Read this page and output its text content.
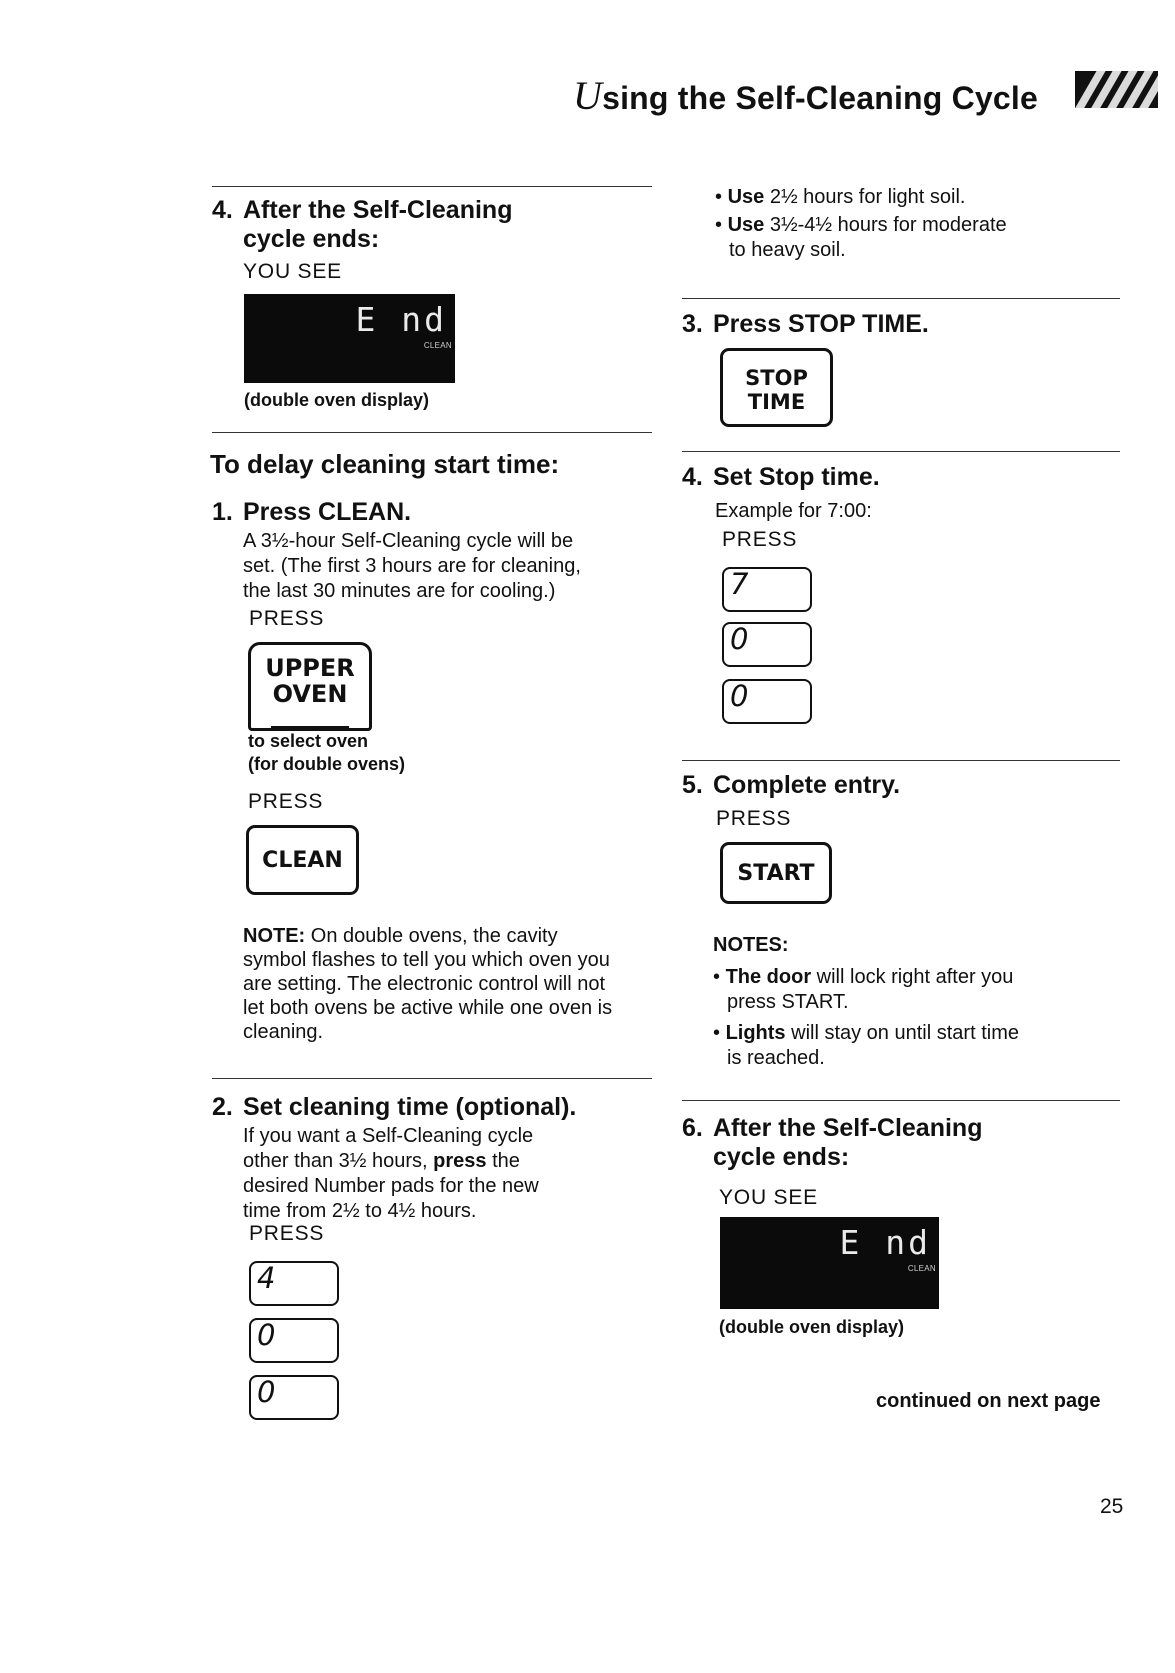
Using the Self-Cleaning Cycle
4. After the Self-Cleaning
cycle ends:
YOU SEE
E nd
CLEAN
(double oven display)
To delay cleaning start time:
1. Press CLEAN.
A 3½-hour Self-Cleaning cycle will be
set. (The first 3 hours are for cleaning,
the last 30 minutes are for cooling.)
PRESS
UPPER
OVEN
to select oven
(for double ovens)
PRESS
CLEAN
NOTE: On double ovens, the cavity
symbol flashes to tell you which oven you
are setting. The electronic control will not
let both ovens be active while one oven is
cleaning.
2. Set cleaning time (optional).
If you want a Self-Cleaning cycle
other than 3½ hours, press the
desired Number pads for the new
time from 2½ to 4½ hours.
PRESS
4
0
0
• Use 2½ hours for light soil.
• Use 3½-4½ hours for moderate
to heavy soil.
3. Press STOP TIME.
STOP
TIME
4. Set Stop time.
Example for 7:00:
PRESS
7
0
0
5. Complete entry.
PRESS
START
NOTES:
• The door will lock right after you
press START.
• Lights will stay on until start time
is reached.
6. After the Self-Cleaning
cycle ends:
YOU SEE
E nd
CLEAN
(double oven display)
continued on next page
25
